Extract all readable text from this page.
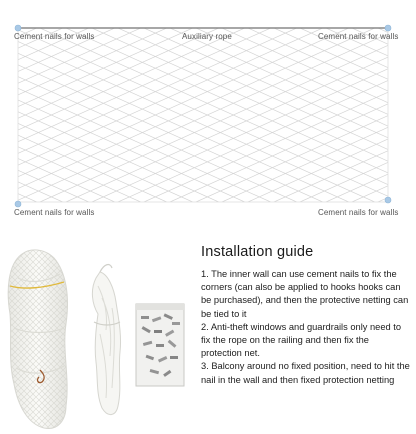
Cement nails for walls	Auxiliary rope	Cement nails for walls
Cement nails for walls	Cement nails for walls
Installation guide

1. The inner wall can use cement nails to fix the corners (can also be applied to hooks hooks can be purchased), and then the protective netting can be tied to it

2. Anti-theft windows and guardrails only need to fix the rope on the railing and then fix the protection net.

3. Balcony around no fixed position, need to hit the nail in the wall and then fixed protection netting
